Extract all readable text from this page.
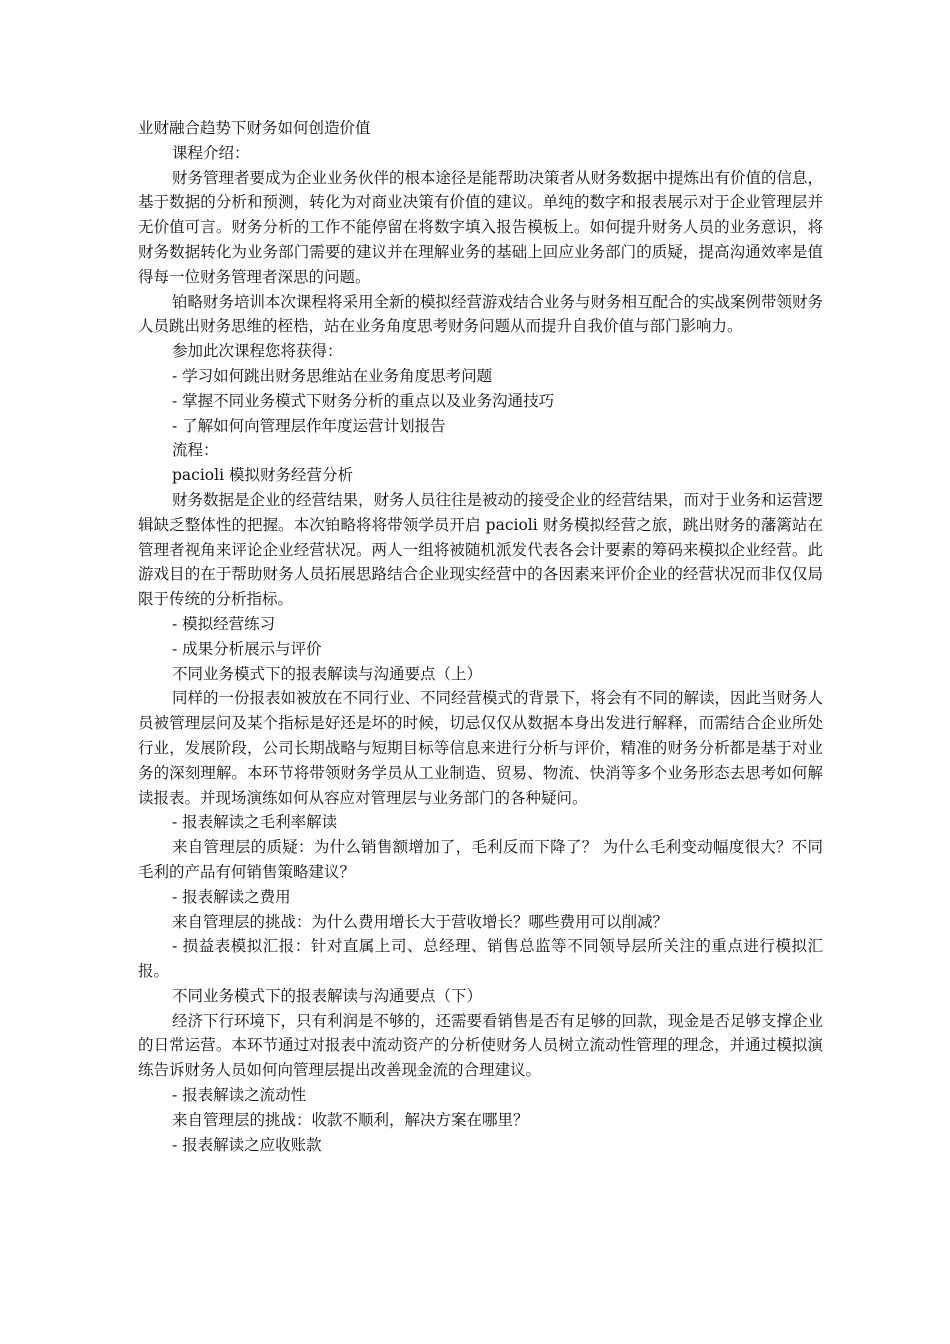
业财融合趋势下财务如何创造价值

课程介绍：

财务管理者要成为企业业务伙伴的根本途径是能帮助决策者从财务数据中提炼出有价值的信息，基于数据的分析和预测，转化为对商业决策有价值的建议。单纯的数字和报表展示对于企业管理层并无价值可言。财务分析的工作不能停留在将数字填入报告模板上。如何提升财务人员的业务意识，将财务数据转化为业务部门需要的建议并在理解业务的基础上回应业务部门的质疑，提高沟通效率是值得每一位财务管理者深思的问题。

铂略财务培训本次课程将采用全新的模拟经营游戏结合业务与财务相互配合的实战案例带领财务人员跳出财务思维的桎梏，站在业务角度思考财务问题从而提升自我价值与部门影响力。

参加此次课程您将获得：

- 学习如何跳出财务思维站在业务角度思考问题

- 掌握不同业务模式下财务分析的重点以及业务沟通技巧

- 了解如何向管理层作年度运营计划报告

流程：

pacioli 模拟财务经营分析

财务数据是企业的经营结果，财务人员往往是被动的接受企业的经营结果，而对于业务和运营逻辑缺乏整体性的把握。本次铂略将将带领学员开启 pacioli 财务模拟经营之旅，跳出财务的藩篱站在管理者视角来评论企业经营状况。两人一组将被随机派发代表各会计要素的筹码来模拟企业经营。此游戏目的在于帮助财务人员拓展思路结合企业现实经营中的各因素来评价企业的经营状况而非仅仅局限于传统的分析指标。

- 模拟经营练习

- 成果分析展示与评价

不同业务模式下的报表解读与沟通要点（上）

同样的一份报表如被放在不同行业、不同经营模式的背景下，将会有不同的解读，因此当财务人员被管理层问及某个指标是好还是坏的时候，切忌仅仅从数据本身出发进行解释，而需结合企业所处行业，发展阶段，公司长期战略与短期目标等信息来进行分析与评价，精准的财务分析都是基于对业务的深刻理解。本环节将带领财务学员从工业制造、贸易、物流、快消等多个业务形态去思考如何解读报表。并现场演练如何从容应对管理层与业务部门的各种疑问。

- 报表解读之毛利率解读

来自管理层的质疑：为什么销售额增加了，毛利反而下降了？ 为什么毛利变动幅度很大？不同毛利的产品有何销售策略建议？

- 报表解读之费用

来自管理层的挑战：为什么费用增长大于营收增长？哪些费用可以削减？

- 损益表模拟汇报：针对直属上司、总经理、销售总监等不同领导层所关注的重点进行模拟汇报。

不同业务模式下的报表解读与沟通要点（下）

经济下行环境下，只有利润是不够的，还需要看销售是否有足够的回款，现金是否足够支撑企业的日常运营。本环节通过对报表中流动资产的分析使财务人员树立流动性管理的理念，并通过模拟演练告诉财务人员如何向管理层提出改善现金流的合理建议。

- 报表解读之流动性

来自管理层的挑战：收款不顺利，解决方案在哪里？

- 报表解读之应收账款
